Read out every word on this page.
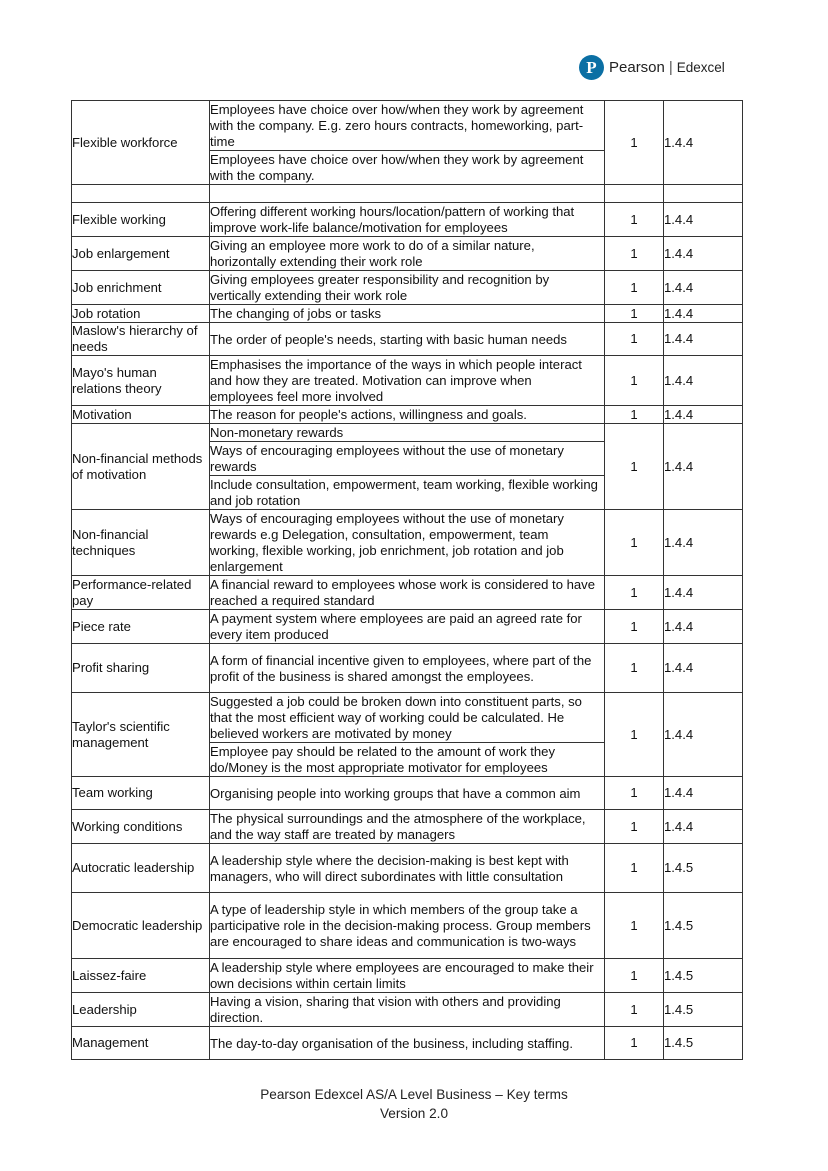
P Pearson | Edexcel
Flexible workforce	Employees have choice over how/when they work by agreement with the company. E.g. zero hours contracts, homeworking, part-time
Employees have choice over how/when they work by agreement with the company.	1	1.4.4

Flexible working	Offering different working hours/location/pattern of working that improve work-life balance/motivation for employees	1	1.4.4
Job enlargement	Giving an employee more work to do of a similar nature, horizontally extending their work role	1	1.4.4
Job enrichment	Giving employees greater responsibility and recognition by vertically extending their work role	1	1.4.4
Job rotation	The changing of jobs or tasks	1	1.4.4
Maslow's hierarchy of needs	The order of people's needs, starting with basic human needs	1	1.4.4
Mayo's human relations theory	Emphasises the importance of the ways in which people interact and how they are treated. Motivation can improve when employees feel more involved	1	1.4.4
Motivation	The reason for people's actions, willingness and goals.	1	1.4.4
Non-financial methods of motivation	Non-monetary rewards
Ways of encouraging employees without the use of monetary rewards
Include consultation, empowerment, team working, flexible working and job rotation	1	1.4.4
Non-financial techniques	Ways of encouraging employees without the use of monetary rewards e.g Delegation, consultation, empowerment, team working, flexible working, job enrichment, job rotation and job enlargement	1	1.4.4
Performance-related pay	A financial reward to employees whose work is considered to have reached a required standard	1	1.4.4
Piece rate	A payment system where employees are paid an agreed rate for every item produced	1	1.4.4
Profit sharing	A form of financial incentive given to employees, where part of the profit of the business is shared amongst the employees.	1	1.4.4
Taylor's scientific management	Suggested a job could be broken down into constituent parts, so that the most efficient way of working could be calculated. He believed workers are motivated by money
Employee pay should be related to the amount of work they do/Money is the most appropriate motivator for employees	1	1.4.4
Team working	Organising people into working groups that have a common aim	1	1.4.4
Working conditions	The physical surroundings and the atmosphere of the workplace, and the way staff are treated by managers	1	1.4.4
Autocratic leadership	A leadership style where the decision-making is best kept with managers, who will direct subordinates with little consultation	1	1.4.5
Democratic leadership	A type of leadership style in which members of the group take a participative role in the decision-making process. Group members are encouraged to share ideas and communication is two-ways	1	1.4.5
Laissez-faire	A leadership style where employees are encouraged to make their own decisions within certain limits	1	1.4.5
Leadership	Having a vision, sharing that vision with others and providing direction.	1	1.4.5
Management	The day-to-day organisation of the business, including staffing.	1	1.4.5
Pearson Edexcel AS/A Level Business – Key terms
Version 2.0
